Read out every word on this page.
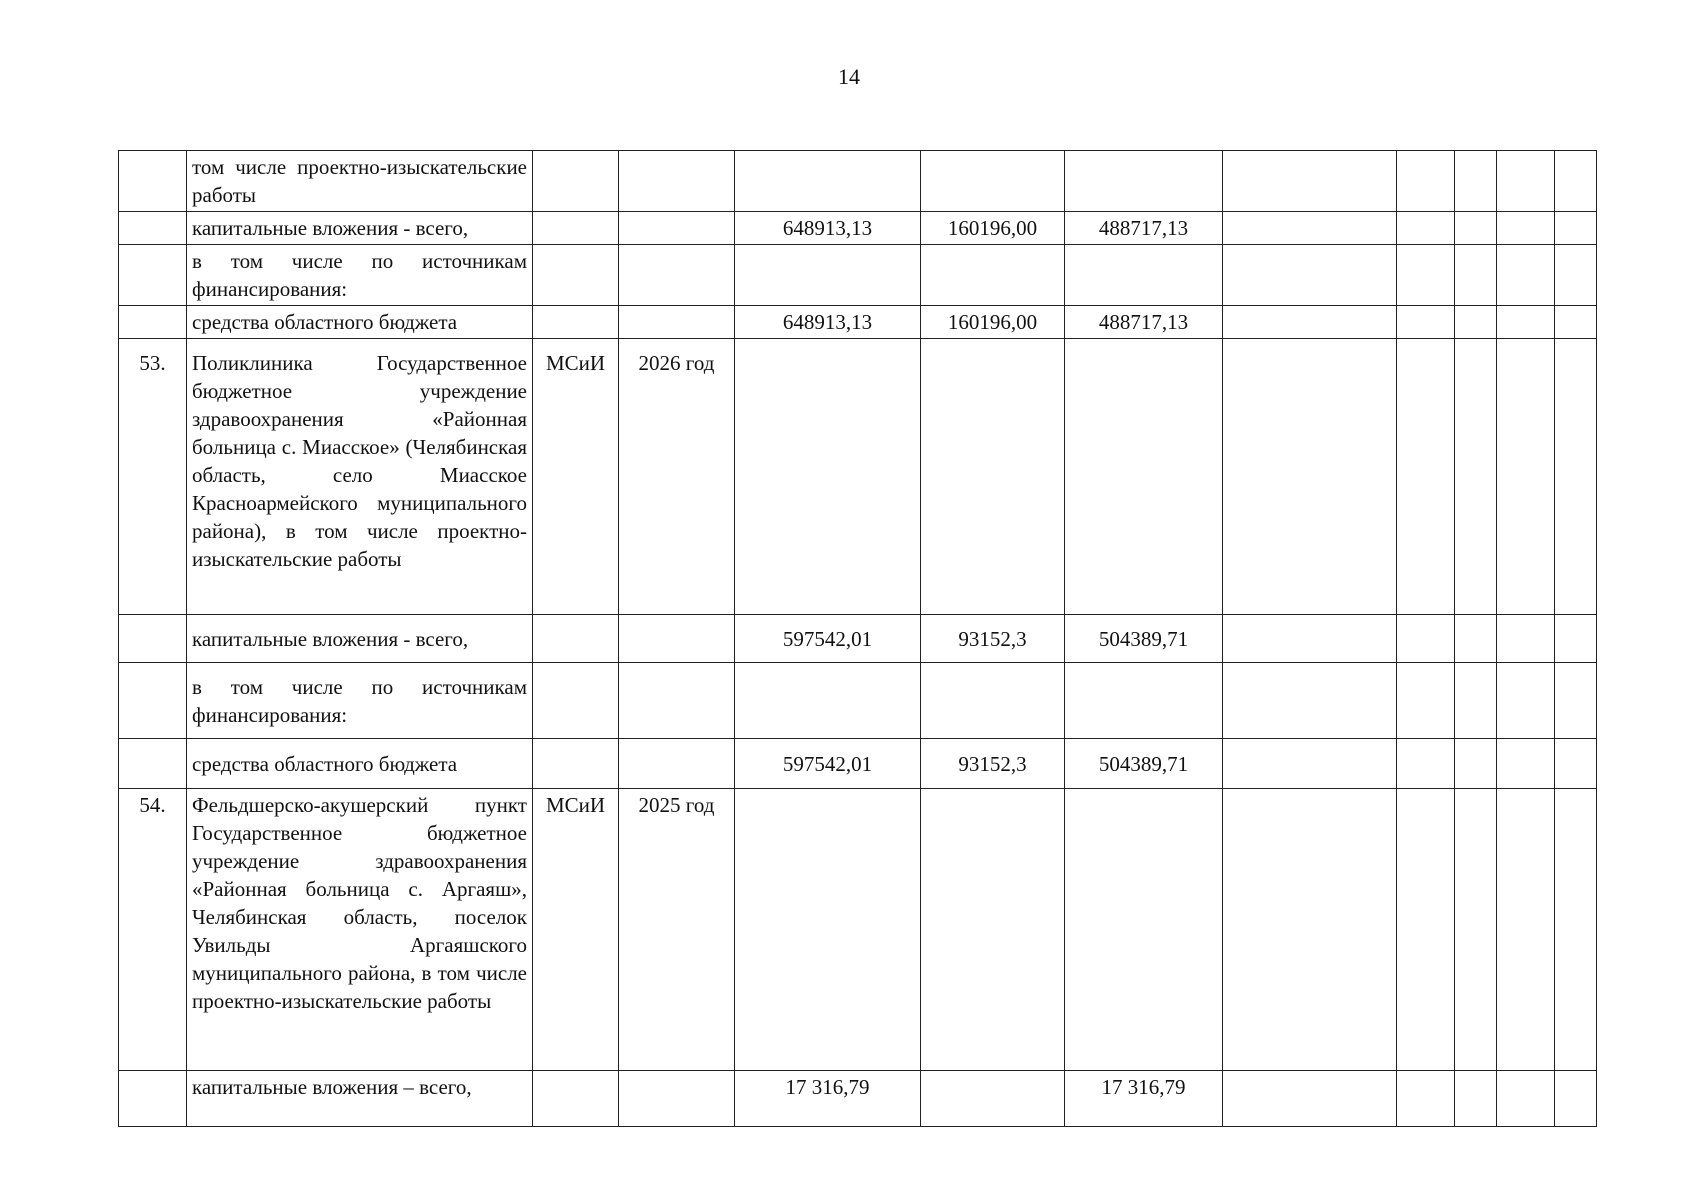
14
	том числе проектно-изыскательские работы										
	капитальные вложения - всего,			648913,13	160196,00	488717,13					
	в том числе по источникам финансирования:										
	средства областного бюджета			648913,13	160196,00	488717,13					
53.	Поликлиника Государственное бюджетное учреждение здравоохранения «Районная больница с. Миасское» (Челябинская область, село Миасское Красноармейского муниципального района), в том числе проектно-изыскательские работы	МСиИ	2026 год								
	капитальные вложения - всего,			597542,01	93152,3	504389,71					
	в том числе по источникам финансирования:										
	средства областного бюджета			597542,01	93152,3	504389,71					
54.	Фельдшерско-акушерский пункт Государственное бюджетное учреждение здравоохранения «Районная больница с. Аргаяш», Челябинская область, поселок Увильды Аргаяшского муниципального района, в том числе проектно-изыскательские работы	МСиИ	2025 год								
	капитальные вложения – всего,			17 316,79		17 316,79					
